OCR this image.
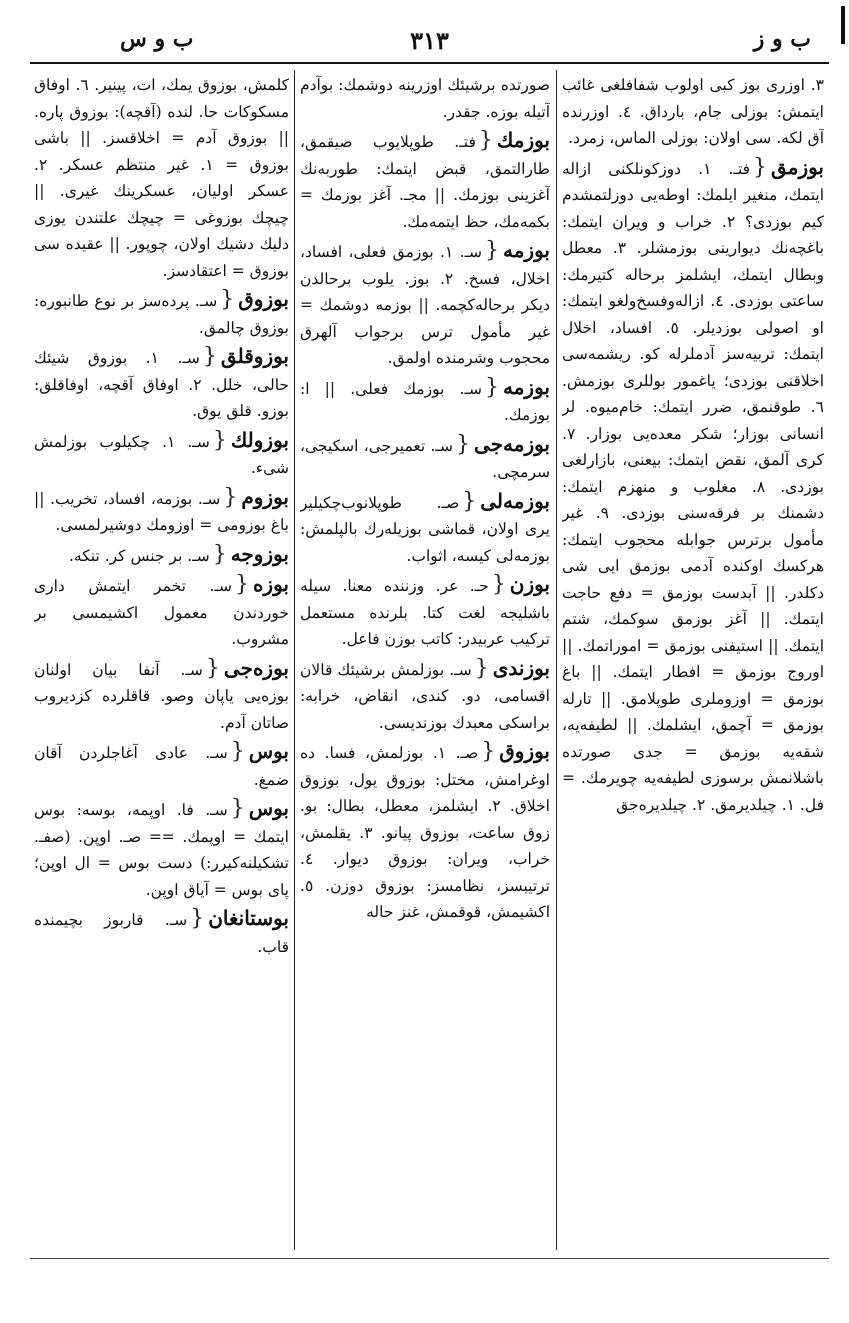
ب و ز
٣١٣
ب و س

٣. اوزری بوز کبی اولوب شفافلغی غائب ایتمش: بوزلی جام، بارداق. ٤. اوزرنده آق لکه. سی اولان: بوزلی الماس، زمرد.

بوزمق{فتـ. ١. دوزکونلکنی ازاله ایتمك، منغیر ایلمك: اوطه‌یی دوزلتمشدم کیم بوزدی؟ ٢. خراب و ویران ایتمك: باغچه‌نك دیوارینی بوزمشلر. ٣. معطل وبطال ایتمك، ایشلمز برحاله کتیرمك: ساعتی بوزدی. ٤. ازاله‌وفسخ‌ولغو ایتمك: او اصولی بوزدیلر. ٥. افساد، اخلال ایتمك: تربیه‌سز آدملرله کو. ریشمه‌سی اخلاقنی بوزدی؛ یاغمور بوللری بوزمش. ٦. طوقنمق، ضرر ایتمك: خام‌میوه. لر انسانی بوزار؛ شکر معده‌یی بوزار. ٧. کری آلمق، نقض ایتمك: بیعنی، بازارلغی بوزدی. ٨. مغلوب و منهزم ایتمك: دشمنك بر فرقه‌سنی بوزدی. ٩. غیر مأمول برترس جوابله محجوب ایتمك: هرکسك اوکنده آدمی بوزمق ایی شی دکلدر. || آبدست بوزمق = دفع حاجت ایتمك. || آغز بوزمق سوکمك، شتم ایتمك. || استیفنی بوزمق = اموراتمك. || اوروج بوزمق = افطار ایتمك. || باغ بوزمق = اوزوملری طوپلامق. || تارله بوزمق = آچمق، ایشلمك. || لطیفه‌یه، شقه‌یه بوزمق = جدی صورتده باشلانمش برسوزی لطیفه‌یه چویرمك. = فل. ١. چیلدیرمق. ٢. چیلدیره‌جق

صورتده برشیئك اوزرینه دوشمك: بوآدم آتیله بوزه. جقدر.

بوزمك{فتـ. طوپلایوب صیقمق، طارالتمق، قبض ایتمك: طوربه‌نك آغزینی بوزمك. || مجـ. آغز بوزمك = بکمه‌مك، حظ ایتمه‌مك.

بوزمه{سـ. ١. بوزمق فعلی، افساد، اخلال، فسخ. ٢. بوز. یلوب برحالدن دیکر برحاله‌کچمه. || بوزمه دوشمك = غیر مأمول ترس برجواب آلهرق محجوب وشرمنده اولمق.

بوزمه{سـ. بوزمك فعلی. || ا: بوزمك.

بوزمه‌جی{سـ. تعمیرجی، اسکیجی، سرمچی.

بوزمه‌لی{صـ. طوپلانوب‌چکیلیر یری اولان، قماشی بوزیله‌رك بالپلمش: بوزمه‌لی کیسه، اثواب.

بوزن{حـ. عر. وزننده معنا. سیله باشلیجه لغت کتا. بلرنده مستعمل ترکیب عربیدر: کاتب بوزن فاعل.

بوزندی{سـ. بوزلمش برشیئك قالان اقسامی، دو. کندی، انقاض، خرابه: براسکی معبدك بوزندیسی.

بوزوق{صـ. ١. بوزلمش، فسا. ده اوغرامش، مختل: بوزوق یول، بوزوق اخلاق. ٢. ایشلمز، معطل، بطال: بو. زوق ساعت، بوزوق پیانو. ٣. یقلمش، خراب، ویران: بوزوق دیوار. ٤. ترتیبسز، نظامسز: بوزوق دوزن. ٥. اکشیمش، قوقمش، غنز حاله

کلمش، بوزوق یمك، ات، پینیر. ٦. اوفاق مسکوکات حا. لنده (آقچه): بوزوق پاره. || بوزوق آدم = اخلاقسز. || باشی بوزوق = ١. غیر منتظم عسکر. ٢. عسکر اولیان، عسکرینك غیری. || چیچك بوزوغی = چیچك علتندن یوزی دلیك دشیك اولان، چوپور. || عقیده سی بوزوق = اعتقادسز.

بوزوق{سـ. پرده‌سز بر نوع طانبوره: بوزوق چالمق.

بوزوقلق{سـ. ١. بوزوق شیئك حالی، خلل. ٢. اوفاق آقچه، اوفاقلق: بوزو. قلق یوق.

بوزولك{سـ. ١. چکیلوب بوزلمش شیء.

بوزوم{سـ. بوزمه، افساد، تخریب. || باغ بوزومی = اوزومك دوشیرلمسی.

بوزوجه{سـ. بر جنس کر. تنکه.

بوزه{سـ. تخمر ایتمش داری خوردندن معمول اکشیمسی بر مشروب.

بوزه‌جی{سـ. آنفا بیان اولنان بوزه‌یی یاپان وصو. قاقلرده کزدیروب صاتان آدم.

بوس{سـ. عادی آغاجلردن آقان ضمغ.

بوس{سـ. فا. اوپمه، بوسه: بوس ایتمك = اوپمك. == صـ. اوپن. (صفـ. تشکیلنه‌کیرر:) دست بوس = ال اوپن؛ پای بوس = آیاق اوپن.

بوستانغان{سـ. قاربوز بچیمنده قاب.
